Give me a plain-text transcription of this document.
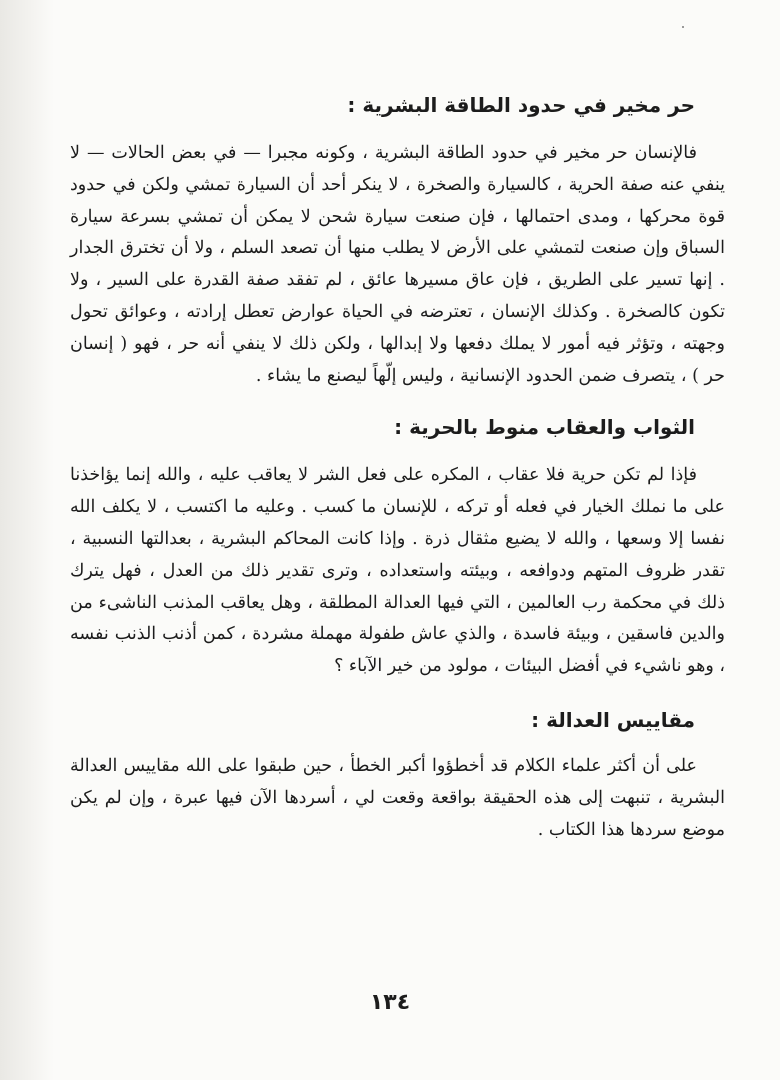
حر مخير في حدود الطاقة البشرية :

فالإنسان حر مخير في حدود الطاقة البشرية ، وكونه مجبرا — في بعض الحالات — لا ينفي عنه صفة الحرية ، كالسيارة والصخرة ، لا ينكر أحد أن السيارة تمشي ولكن في حدود قوة محركها ، ومدى احتمالها ، فإن صنعت سيارة شحن لا يمكن أن تمشي بسرعة سيارة السباق وإن صنعت لتمشي على الأرض لا يطلب منها أن تصعد السلم ، ولا أن تخترق الجدار . إنها تسير على الطريق ، فإن عاق مسيرها عائق ، لم تفقد صفة القدرة على السير ، ولا تكون كالصخرة . وكذلك الإنسان ، تعترضه في الحياة عوارض تعطل إرادته ، وعوائق تحول وجهته ، وتؤثر فيه أمور لا يملك دفعها ولا إبدالها ، ولكن ذلك لا ينفي أنه حر ، فهو ( إنسان حر ) ، يتصرف ضمن الحدود الإنسانية ، وليس إلّهاً ليصنع ما يشاء .

الثواب والعقاب منوط بالحرية :

فإذا لم تكن حرية فلا عقاب ، المكره على فعل الشر لا يعاقب عليه ، والله إنما يؤاخذنا على ما نملك الخيار في فعله أو تركه ، للإنسان ما كسب . وعليه ما اكتسب ، لا يكلف الله نفسا إلا وسعها ، والله لا يضيع مثقال ذرة . وإذا كانت المحاكم البشرية ، بعدالتها النسبية ، تقدر ظروف المتهم ودوافعه ، وبيئته واستعداده ، وترى تقدير ذلك من العدل ، فهل يترك ذلك في محكمة رب العالمين ، التي فيها العدالة المطلقة ، وهل يعاقب المذنب الناشىء من والدين فاسقين ، وبيئة فاسدة ، والذي عاش طفولة مهملة مشردة ، كمن أذنب الذنب نفسه ، وهو ناشيء في أفضل البيئات ، مولود من خير الآباء ؟

مقاييس العدالة :

على أن أكثر علماء الكلام قد أخطؤوا أكبر الخطأ ، حين طبقوا على الله مقاييس العدالة البشرية ، تنبهت إلى هذه الحقيقة بواقعة وقعت لي ، أسردها الآن فيها عبرة ، وإن لم يكن موضع سردها هذا الكتاب .

١٣٤
